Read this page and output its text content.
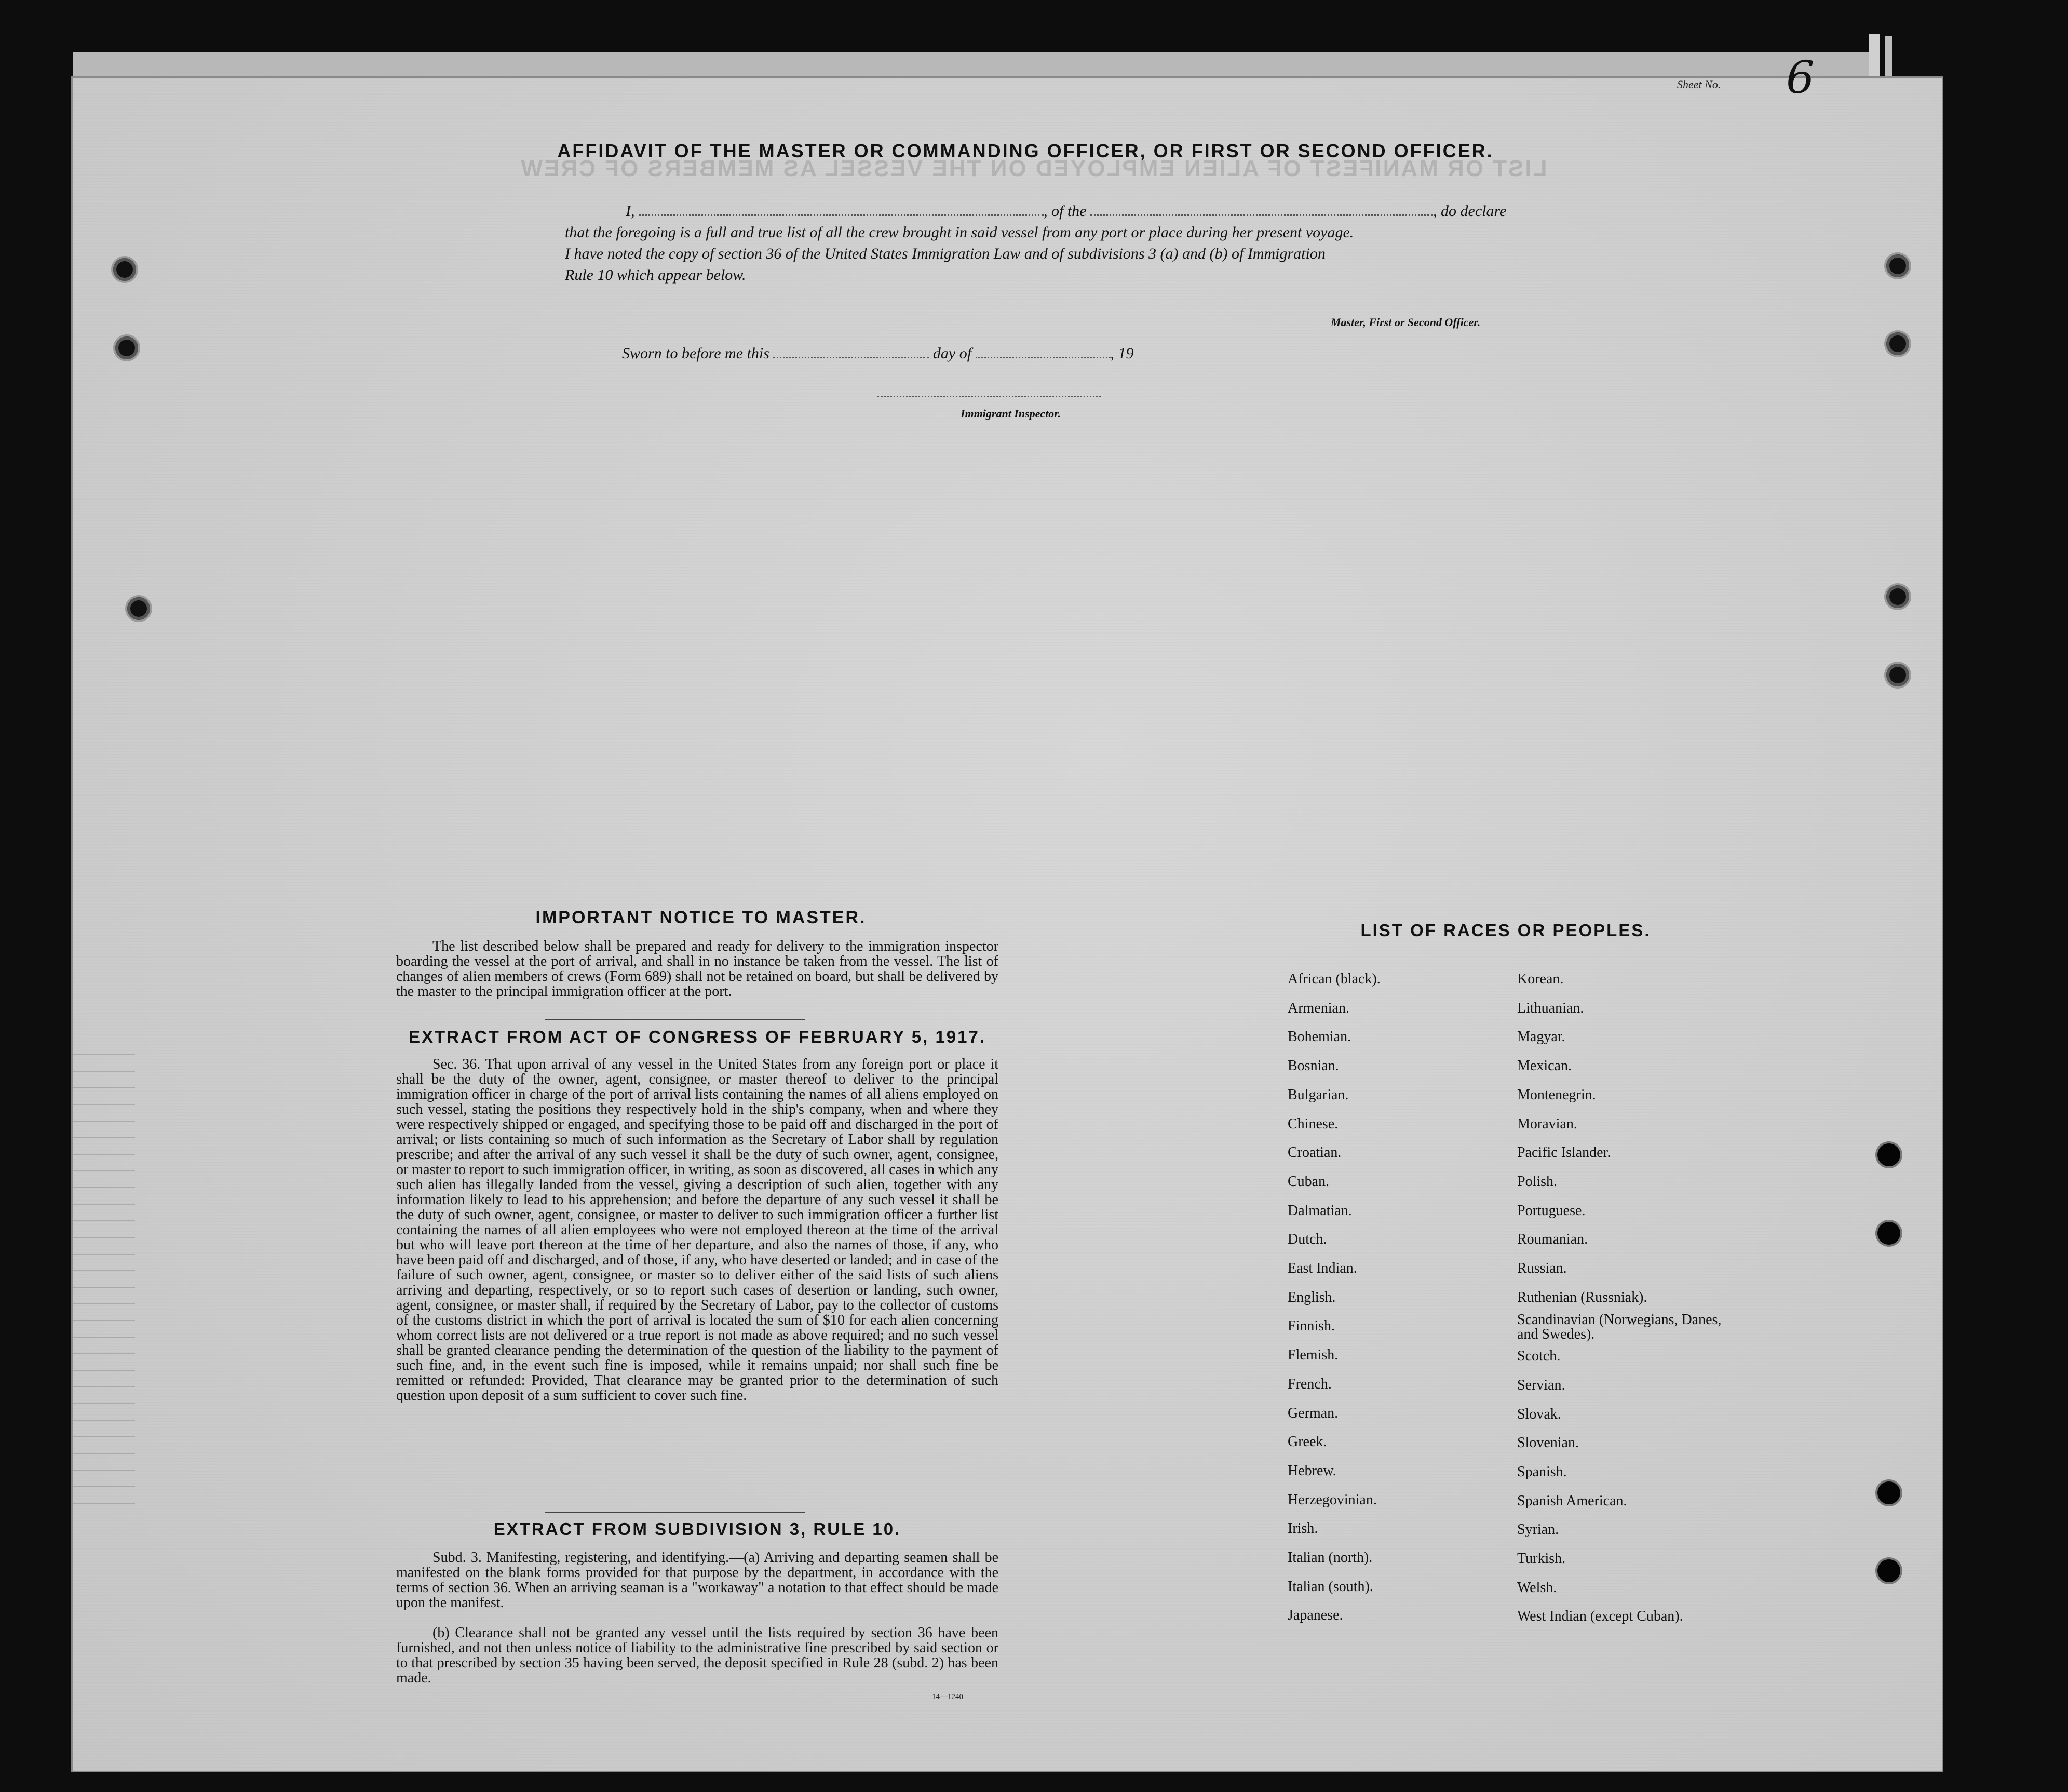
Sheet No. 6
LIST OR MANIFEST OF ALIEN EMPLOYED ON THE VESSEL AS MEMBERS OF CREW
AFFIDAVIT OF THE MASTER OR COMMANDING OFFICER, OR FIRST OR SECOND OFFICER.
I,	, of the	, do declare
that the foregoing is a full and true list of all the crew brought in said vessel from any port or place during her present voyage.
I have noted the copy of section 36 of the United States Immigration Law and of subdivisions 3 (a) and (b) of Immigration
Rule 10 which appear below.
Master, First or Second Officer.
Sworn to before me this	day of	, 19
Immigrant Inspector.
IMPORTANT NOTICE TO MASTER.
The list described below shall be prepared and ready for delivery to the immigration inspector boarding the vessel at the port of arrival, and shall in no instance be taken from the vessel. The list of changes of alien members of crews (Form 689) shall not be retained on board, but shall be delivered by the master to the principal immigration officer at the port.
EXTRACT FROM ACT OF CONGRESS OF FEBRUARY 5, 1917.
Sec. 36. That upon arrival of any vessel in the United States from any foreign port or place it shall be the duty of the owner, agent, consignee, or master thereof to deliver to the principal immigration officer in charge of the port of arrival lists containing the names of all aliens employed on such vessel, stating the positions they respectively hold in the ship's company, when and where they were respectively shipped or engaged, and specifying those to be paid off and discharged in the port of arrival; or lists containing so much of such information as the Secretary of Labor shall by regulation prescribe; and after the arrival of any such vessel it shall be the duty of such owner, agent, consignee, or master to report to such immigration officer, in writing, as soon as discovered, all cases in which any such alien has illegally landed from the vessel, giving a description of such alien, together with any information likely to lead to his apprehension; and before the departure of any such vessel it shall be the duty of such owner, agent, consignee, or master to deliver to such immigration officer a further list containing the names of all alien employees who were not employed thereon at the time of the arrival but who will leave port thereon at the time of her departure, and also the names of those, if any, who have been paid off and discharged, and of those, if any, who have deserted or landed; and in case of the failure of such owner, agent, consignee, or master so to deliver either of the said lists of such aliens arriving and departing, respectively, or so to report such cases of desertion or landing, such owner, agent, consignee, or master shall, if required by the Secretary of Labor, pay to the collector of customs of the customs district in which the port of arrival is located the sum of $10 for each alien concerning whom correct lists are not delivered or a true report is not made as above required; and no such vessel shall be granted clearance pending the determination of the question of the liability to the payment of such fine, and, in the event such fine is imposed, while it remains unpaid; nor shall such fine be remitted or refunded: Provided, That clearance may be granted prior to the determination of such question upon deposit of a sum sufficient to cover such fine.
EXTRACT FROM SUBDIVISION 3, RULE 10.
Subd. 3. Manifesting, registering, and identifying.—(a) Arriving and departing seamen shall be manifested on the blank forms provided for that purpose by the department, in accordance with the terms of section 36. When an arriving seaman is a "workaway" a notation to that effect should be made upon the manifest.
(b) Clearance shall not be granted any vessel until the lists required by section 36 have been furnished, and not then unless notice of liability to the administrative fine prescribed by said section or to that prescribed by section 35 having been served, the deposit specified in Rule 28 (subd. 2) has been made.
14—1240
LIST OF RACES OR PEOPLES.
African (black).
Armenian.
Bohemian.
Bosnian.
Bulgarian.
Chinese.
Croatian.
Cuban.
Dalmatian.
Dutch.
East Indian.
English.
Finnish.
Flemish.
French.
German.
Greek.
Hebrew.
Herzegovinian.
Irish.
Italian (north).
Italian (south).
Japanese.
Korean.
Lithuanian.
Magyar.
Mexican.
Montenegrin.
Moravian.
Pacific Islander.
Polish.
Portuguese.
Roumanian.
Russian.
Ruthenian (Russniak).
Scandinavian (Norwegians, Danes, and Swedes).
Scotch.
Servian.
Slovak.
Slovenian.
Spanish.
Spanish American.
Syrian.
Turkish.
Welsh.
West Indian (except Cuban).
